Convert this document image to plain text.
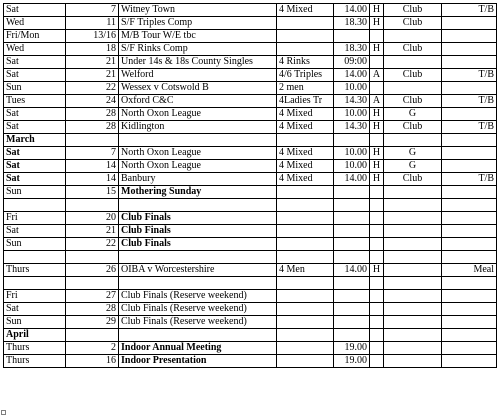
Sat	7	Witney Town	4 Mixed	14.00	H	Club	T/B
Wed	11	S/F Triples Comp		18.30	H	Club	
Fri/Mon	13/16	M/B Tour W/E tbc					
Wed	18	S/F Rinks Comp		18.30	H	Club	
Sat	21	Under 14s & 18s County Singles	4 Rinks	09:00			
Sat	21	Welford	4/6 Triples	14.00	A	Club	T/B
Sun	22	Wessex v Cotswold B	2 men	10.00			
Tues	24	Oxford C&C	4Ladies Tr	14.30	A	Club	T/B
Sat	28	North Oxon League	4 Mixed	10.00	H	G	
Sat	28	Kidlington	4 Mixed	14.30	H	Club	T/B
March							
Sat	7	North Oxon League	4 Mixed	10.00	H	G	
Sat	14	North Oxon League	4 Mixed	10.00	H	G	
Sat	14	Banbury	4 Mixed	14.00	H	Club	T/B
Sun	15	Mothering Sunday					

Fri	20	Club Finals					
Sat	21	Club Finals					
Sun	22	Club Finals					

Thurs	26	OIBA v Worcestershire	4 Men	14.00	H		Meal

Fri	27	Club Finals (Reserve weekend)					
Sat	28	Club Finals (Reserve weekend)					
Sun	29	Club Finals (Reserve weekend)					
April							
Thurs	2	Indoor Annual Meeting		19.00			
Thurs	16	Indoor Presentation		19.00			
